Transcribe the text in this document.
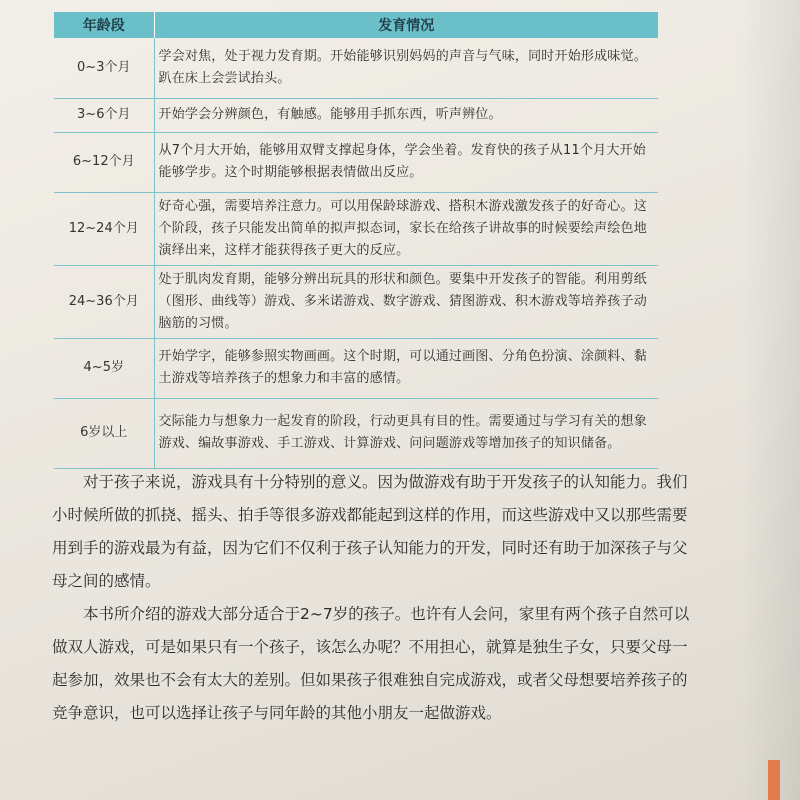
年龄段	发育情况
0~3个月	学会对焦，处于视力发育期。开始能够识别妈妈的声音与气味，同时开始形成味觉。趴在床上会尝试抬头。
3~6个月	开始学会分辨颜色，有触感。能够用手抓东西，听声辨位。
6~12个月	从7个月大开始，能够用双臂支撑起身体，学会坐着。发育快的孩子从11个月大开始能够学步。这个时期能够根据表情做出反应。
12~24个月	好奇心强，需要培养注意力。可以用保龄球游戏、搭积木游戏激发孩子的好奇心。这个阶段，孩子只能发出简单的拟声拟态词，家长在给孩子讲故事的时候要绘声绘色地演绎出来，这样才能获得孩子更大的反应。
24~36个月	处于肌肉发育期，能够分辨出玩具的形状和颜色。要集中开发孩子的智能。利用剪纸（图形、曲线等）游戏、多米诺游戏、数字游戏、猜图游戏、积木游戏等培养孩子动脑筋的习惯。
4~5岁	开始学字，能够参照实物画画。这个时期，可以通过画图、分角色扮演、涂颜料、黏土游戏等培养孩子的想象力和丰富的感情。
6岁以上	交际能力与想象力一起发育的阶段，行动更具有目的性。需要通过与学习有关的想象游戏、编故事游戏、手工游戏、计算游戏、问问题游戏等增加孩子的知识储备。

对于孩子来说，游戏具有十分特别的意义。因为做游戏有助于开发孩子的认知能力。我们小时候所做的抓挠、摇头、拍手等很多游戏都能起到这样的作用，而这些游戏中又以那些需要用到手的游戏最为有益，因为它们不仅利于孩子认知能力的开发，同时还有助于加深孩子与父母之间的感情。

本书所介绍的游戏大部分适合于2~7岁的孩子。也许有人会问，家里有两个孩子自然可以做双人游戏，可是如果只有一个孩子，该怎么办呢？不用担心，就算是独生子女，只要父母一起参加，效果也不会有太大的差别。但如果孩子很难独自完成游戏，或者父母想要培养孩子的竞争意识，也可以选择让孩子与同年龄的其他小朋友一起做游戏。
